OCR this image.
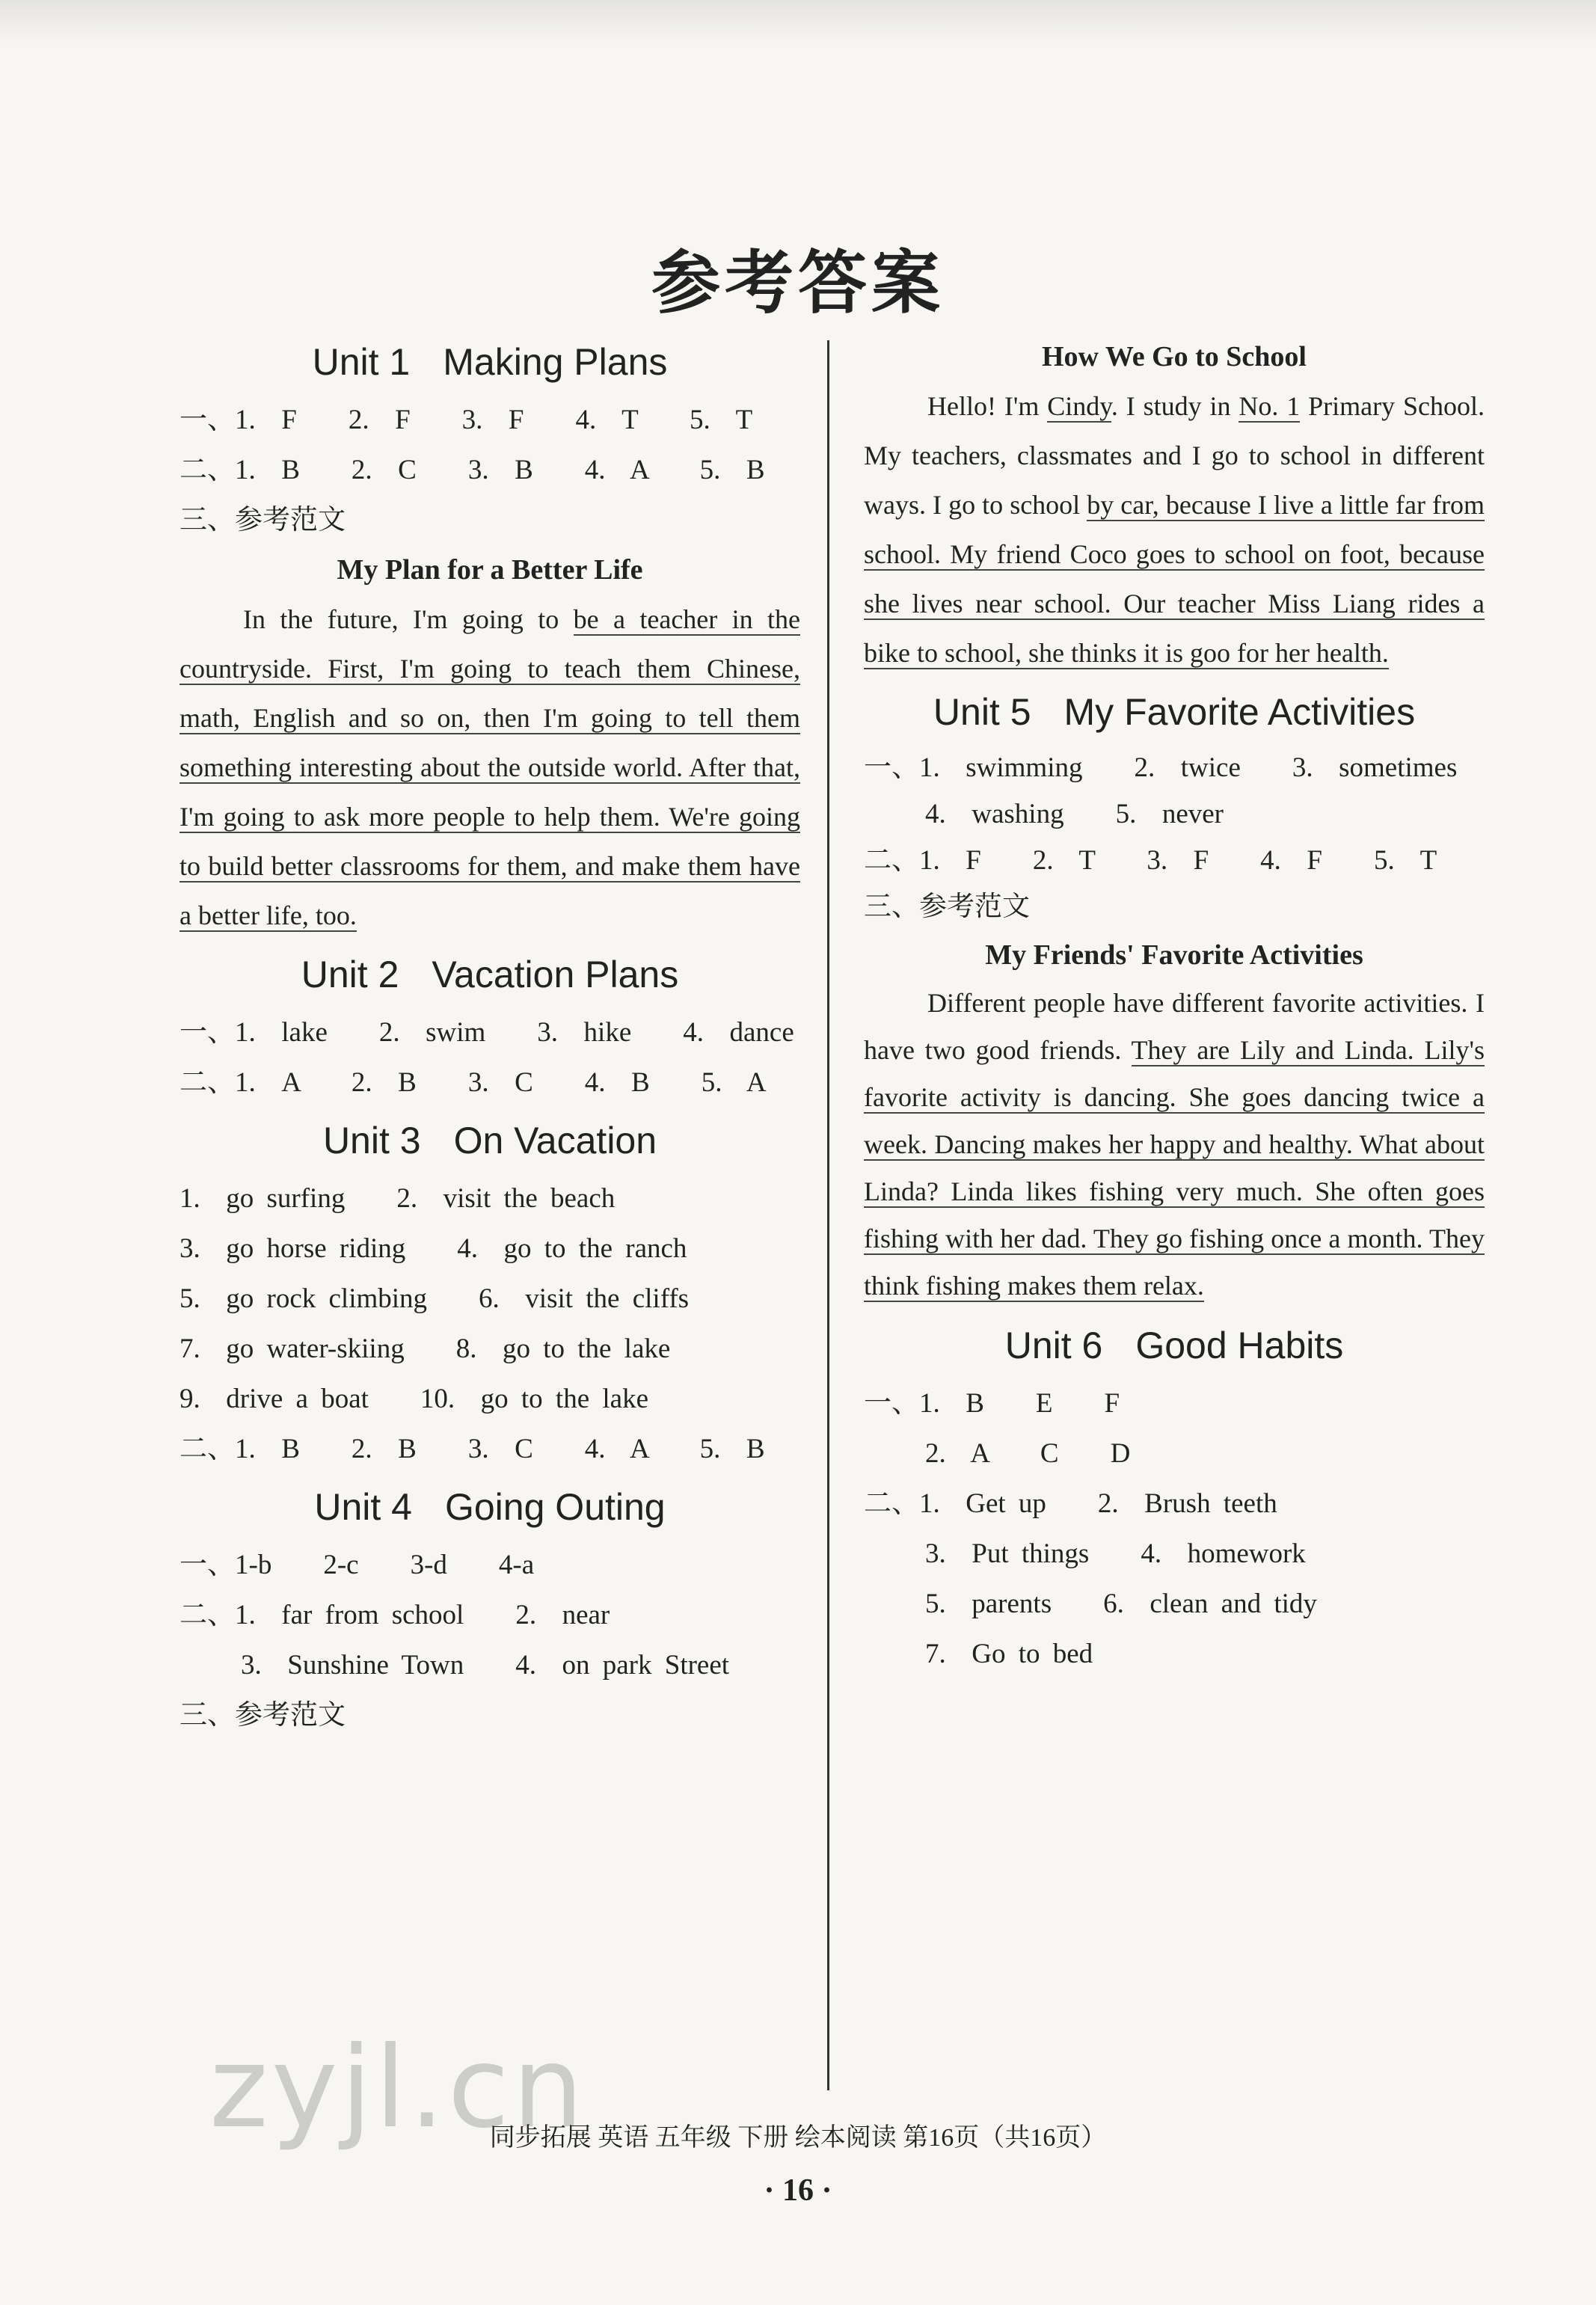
参考答案
Unit 1 Making Plans
一、1.  F    2.  F    3.  F    4.  T    5.  T
二、1.  B    2.  C    3.  B    4.  A    5.  B
三、参考范文
My Plan for a Better Life
In the future, I'm going to be a teacher in the countryside. First, I'm going to teach them Chinese, math, English and so on, then I'm going to tell them something interesting about the outside world. After that, I'm going to ask more people to help them. We're going to build better classrooms for them, and make them have a better life, too.
Unit 2 Vacation Plans
一、1.  lake    2.  swim    3.  hike    4.  dance
二、1.  A    2.  B    3.  C    4.  B    5.  A
Unit 3 On Vacation
1.  go surfing    2.  visit the beach
3.  go horse riding    4.  go to the ranch
5.  go rock climbing    6.  visit the cliffs
7.  go water-skiing    8.  go to the lake
9.  drive a boat    10.  go to the lake
二、1.  B    2.  B    3.  C    4.  A    5.  B
Unit 4 Going Outing
一、1-b    2-c    3-d    4-a
二、1.  far from school    2.  near
3.  Sunshine Town    4.  on park Street
三、参考范文
How We Go to School
Hello! I'm Cindy. I study in No. 1 Primary School. My teachers, classmates and I go to school in different ways. I go to school by car, because I live a little far from school. My friend Coco goes to school on foot, because she lives near school. Our teacher Miss Liang rides a bike to school, she thinks it is goo for her health.
Unit 5 My Favorite Activities
一、1.  swimming    2.  twice    3.  sometimes
4.  washing    5.  never
二、1.  F    2.  T    3.  F    4.  F    5.  T
三、参考范文
My Friends' Favorite Activities
Different people have different favorite activities. I have two good friends. They are Lily and Linda. Lily's favorite activity is dancing. She goes dancing twice a week. Dancing makes her happy and healthy. What about Linda? Linda likes fishing very much. She often goes fishing with her dad. They go fishing once a month. They think fishing makes them relax.
Unit 6 Good Habits
一、1.  B    E    F
2.  A    C    D
二、1.  Get up    2.  Brush teeth
3.  Put things    4.  homework
5.  parents    6.  clean and tidy
7.  Go to bed
zyjl.cn
同步拓展 英语 五年级 下册 绘本阅读 第16页（共16页）
· 16 ·
